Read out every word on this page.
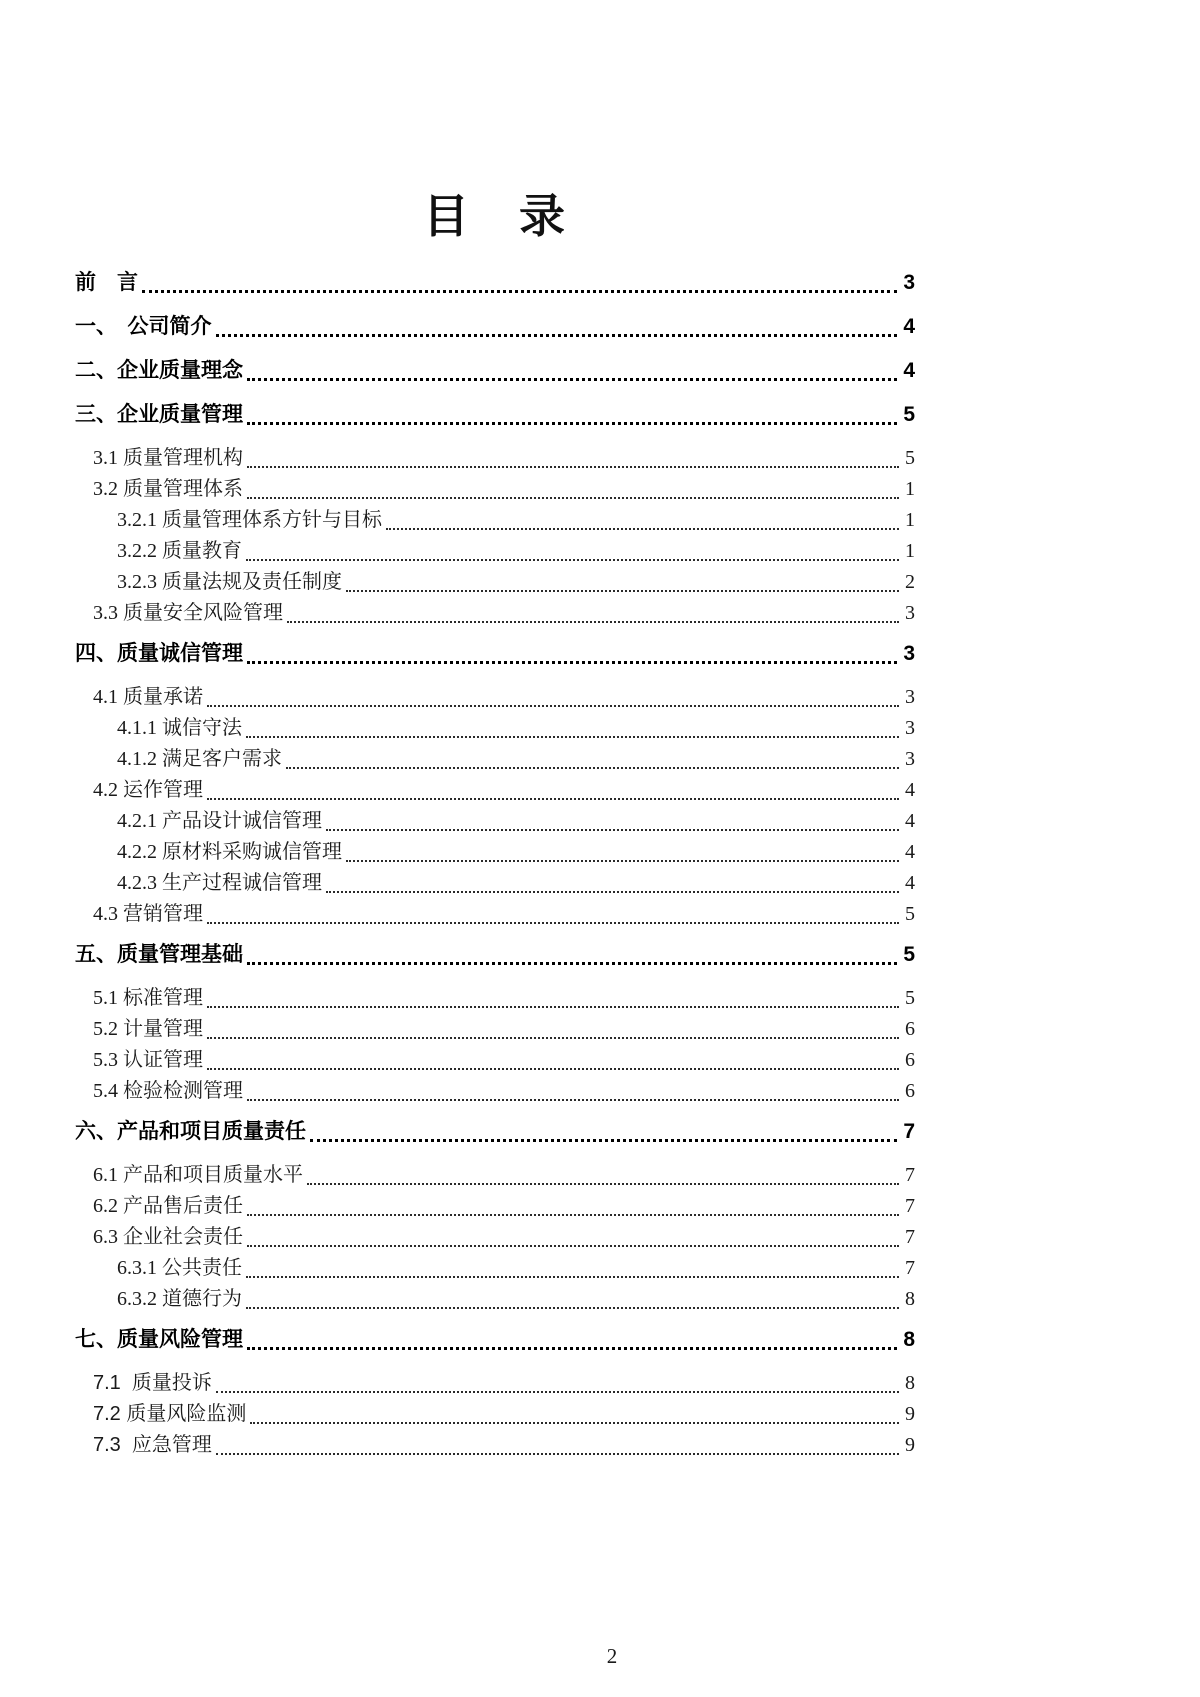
目　录
前　言	3
一、　公司简介	4
二、企业质量理念	4
三、企业质量管理	5
3.1 质量管理机构	5
3.2 质量管理体系	1
3.2.1 质量管理体系方针与目标	1
3.2.2 质量教育	1
3.2.3 质量法规及责任制度	2
3.3 质量安全风险管理	3
四、质量诚信管理	3
4.1 质量承诺	3
4.1.1 诚信守法	3
4.1.2 满足客户需求	3
4.2 运作管理	4
4.2.1 产品设计诚信管理	4
4.2.2 原材料采购诚信管理	4
4.2.3 生产过程诚信管理	4
4.3 营销管理	5
五、质量管理基础	5
5.1 标准管理	5
5.2 计量管理	6
5.3 认证管理	6
5.4 检验检测管理	6
六、产品和项目质量责任	7
6.1 产品和项目质量水平	7
6.2 产品售后责任	7
6.3 企业社会责任	7
6.3.1 公共责任	7
6.3.2 道德行为	8
七、质量风险管理	8
7.1  质量投诉	8
7.2 质量风险监测	9
7.3  应急管理	9
2
